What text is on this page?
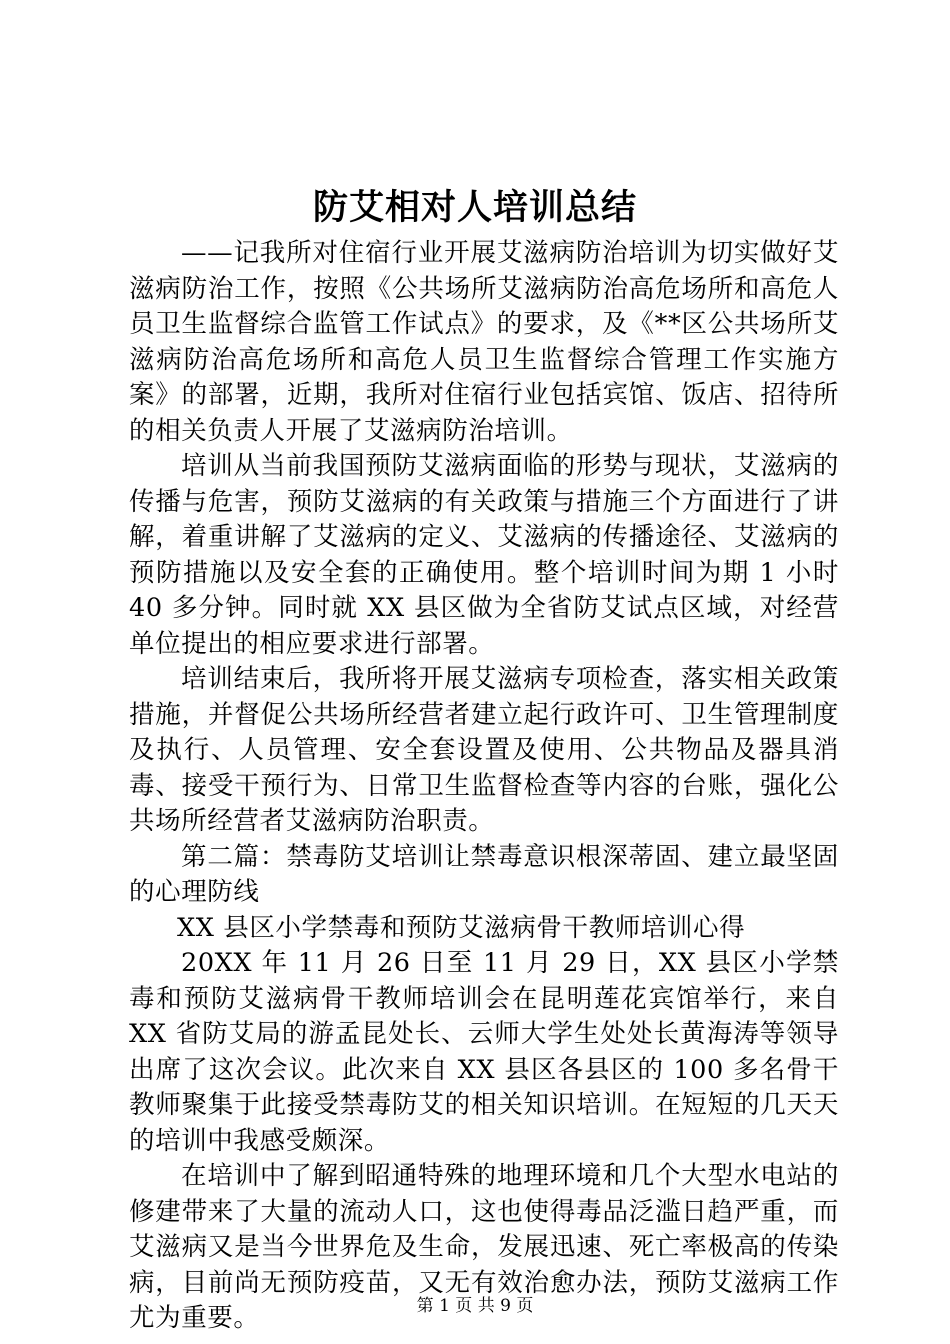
防艾相对人培训总结

——记我所对住宿行业开展艾滋病防治培训为切实做好艾滋病防治工作，按照《公共场所艾滋病防治高危场所和高危人员卫生监督综合监管工作试点》的要求，及《**区公共场所艾滋病防治高危场所和高危人员卫生监督综合管理工作实施方案》的部署，近期，我所对住宿行业包括宾馆、饭店、招待所的相关负责人开展了艾滋病防治培训。

培训从当前我国预防艾滋病面临的形势与现状，艾滋病的传播与危害，预防艾滋病的有关政策与措施三个方面进行了讲解，着重讲解了艾滋病的定义、艾滋病的传播途径、艾滋病的预防措施以及安全套的正确使用。整个培训时间为期 1 小时 40 多分钟。同时就 XX 县区做为全省防艾试点区域，对经营单位提出的相应要求进行部署。

培训结束后，我所将开展艾滋病专项检查，落实相关政策措施，并督促公共场所经营者建立起行政许可、卫生管理制度及执行、人员管理、安全套设置及使用、公共物品及器具消毒、接受干预行为、日常卫生监督检查等内容的台账，强化公共场所经营者艾滋病防治职责。

第二篇：禁毒防艾培训让禁毒意识根深蒂固、建立最坚固的心理防线

XX 县区小学禁毒和预防艾滋病骨干教师培训心得

20XX 年 11 月 26 日至 11 月 29 日，XX 县区小学禁毒和预防艾滋病骨干教师培训会在昆明莲花宾馆举行，来自 XX 省防艾局的游孟昆处长、云师大学生处处长黄海涛等领导出席了这次会议。此次来自 XX 县区各县区的 100 多名骨干教师聚集于此接受禁毒防艾的相关知识培训。在短短的几天天的培训中我感受颇深。

在培训中了解到昭通特殊的地理环境和几个大型水电站的修建带来了大量的流动人口，这也使得毒品泛滥日趋严重，而艾滋病又是当今世界危及生命，发展迅速、死亡率极高的传染病，目前尚无预防疫苗，又无有效治愈办法，预防艾滋病工作尤为重要。	第 1 页 共 9 页
